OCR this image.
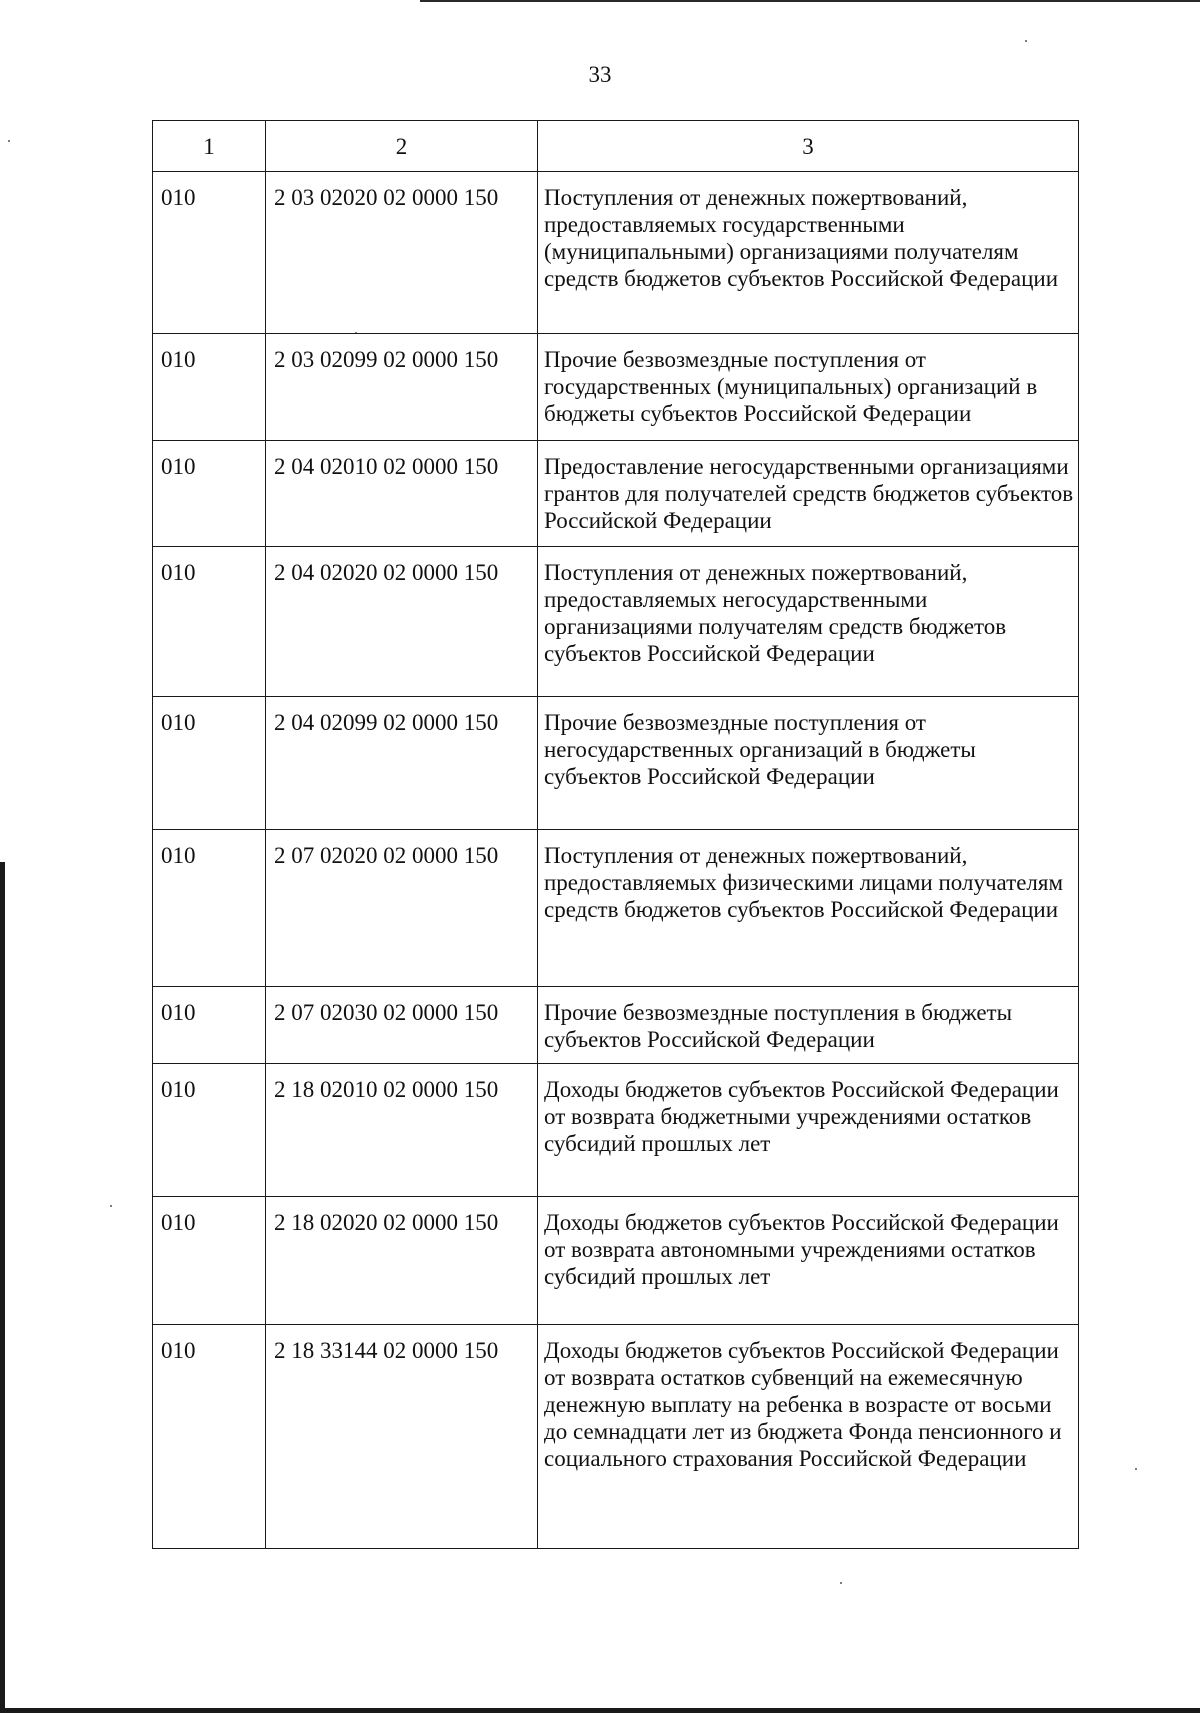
33
1	2	3
010	2 03 02020 02 0000 150	Поступления от денежных пожертвований, предоставляемых государственными (муниципальными) организациями получателям средств бюджетов субъектов Российской Федерации
010	2 03 02099 02 0000 150	Прочие безвозмездные поступления от государственных (муниципальных) организаций в бюджеты субъектов Российской Федерации
010	2 04 02010 02 0000 150	Предоставление негосударственными организациями грантов для получателей средств бюджетов субъектов Российской Федерации
010	2 04 02020 02 0000 150	Поступления от денежных пожертвований, предоставляемых негосударственными организациями получателям средств бюджетов субъектов Российской Федерации
010	2 04 02099 02 0000 150	Прочие безвозмездные поступления от негосударственных организаций в бюджеты субъектов Российской Федерации
010	2 07 02020 02 0000 150	Поступления от денежных пожертвований, предоставляемых физическими лицами получателям средств бюджетов субъектов Российской Федерации
010	2 07 02030 02 0000 150	Прочие безвозмездные поступления в бюджеты субъектов Российской Федерации
010	2 18 02010 02 0000 150	Доходы бюджетов субъектов Российской Федерации от возврата бюджетными учреждениями остатков субсидий прошлых лет
010	2 18 02020 02 0000 150	Доходы бюджетов субъектов Российской Федерации от возврата автономными учреждениями остатков субсидий прошлых лет
010	2 18 33144 02 0000 150	Доходы бюджетов субъектов Российской Федерации от возврата остатков субвенций на ежемесячную денежную выплату на ребенка в возрасте от восьми до семнадцати лет из бюджета Фонда пенсионного и социального страхования Российской Федерации
